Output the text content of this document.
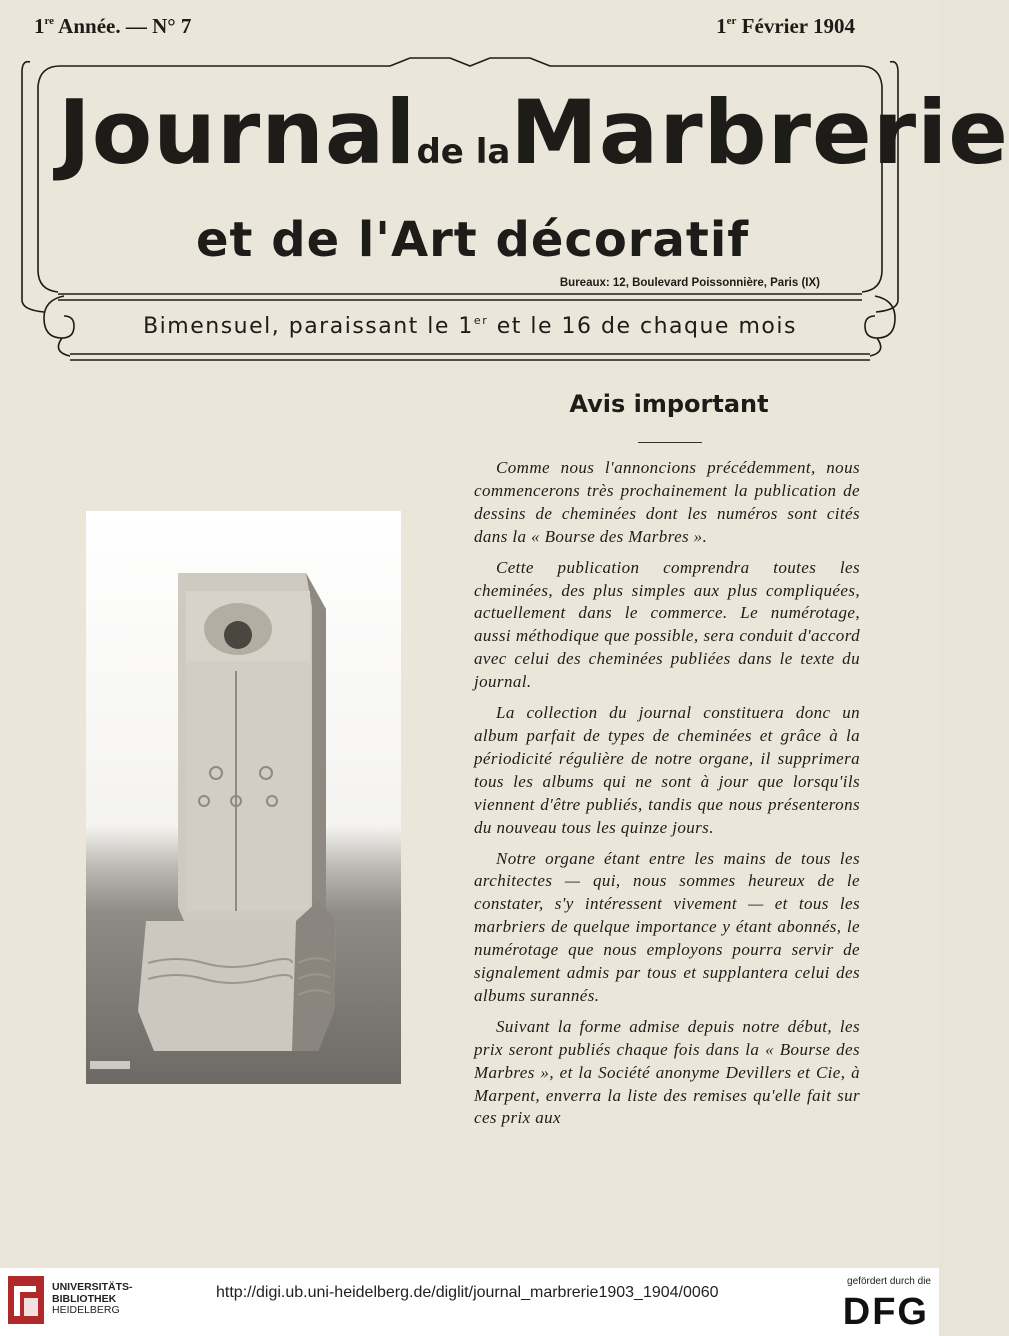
1re Année. — N° 7	1er Février 1904
Journalde laMarbrerie
et de l'Art décoratif
Bureaux: 12, Boulevard Poissonnière, Paris (IX)
Bimensuel, paraissant le 1er et le 16 de chaque mois
Avis important

Comme nous l'annoncions précédemment, nous commencerons très prochainement la publication de dessins de cheminées dont les numéros sont cités dans la « Bourse des Marbres ».

Cette publication comprendra toutes les cheminées, des plus simples aux plus compliquées, actuellement dans le commerce. Le numérotage, aussi méthodique que possible, sera conduit d'accord avec celui des cheminées publiées dans le texte du journal.

La collection du journal constituera donc un album parfait de types de cheminées et grâce à la périodicité régulière de notre organe, il supprimera tous les albums qui ne sont à jour que lorsqu'ils viennent d'être publiés, tandis que nous présenterons du nouveau tous les quinze jours.

Notre organe étant entre les mains de tous les architectes — qui, nous sommes heureux de le constater, s'y intéressent vivement — et tous les marbriers de quelque importance y étant abonnés, le numérotage que nous employons pourra servir de signalement admis par tous et supplantera celui des albums surannés.

Suivant la forme admise depuis notre début, les prix seront publiés chaque fois dans la « Bourse des Marbres », et la Société anonyme Devillers et Cie, à Marpent, enverra la liste des remises qu'elle fait sur ces prix aux

UNIVERSITÄTS-
BIBLIOTHEK
HEIDELBERG
http://digi.ub.uni-heidelberg.de/diglit/journal_marbrerie1903_1904/0060
gefördert durch die
DFG
